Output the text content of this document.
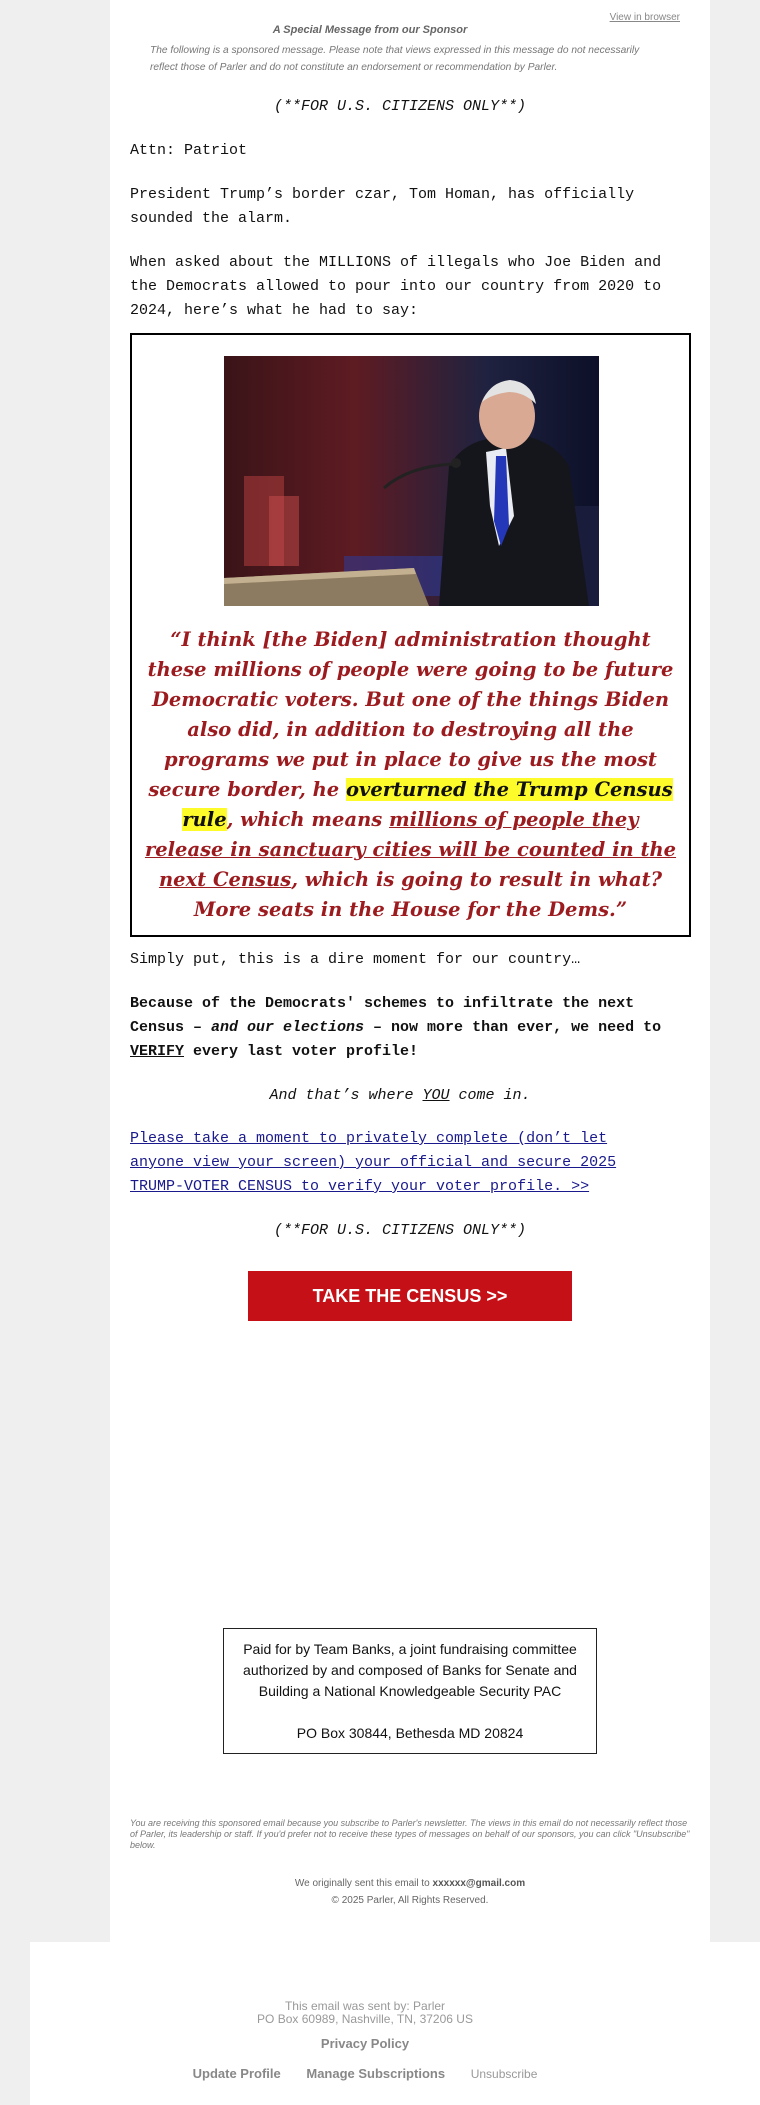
View in browser
A Special Message from our Sponsor
The following is a sponsored message. Please note that views expressed in this message do not necessarily reflect those of Parler and do not constitute an endorsement or recommendation by Parler.
(**FOR U.S. CITIZENS ONLY**)
Attn: Patriot
President Trump’s border czar, Tom Homan, has officially sounded the alarm.
When asked about the MILLIONS of illegals who Joe Biden and the Democrats allowed to pour into our country from 2020 to 2024, here’s what he had to say:
“I think [the Biden] administration thought these millions of people were going to be future Democratic voters. But one of the things Biden also did, in addition to destroying all the programs we put in place to give us the most secure border, he overturned the Trump Census rule, which means millions of people they release in sanctuary cities will be counted in the next Census, which is going to result in what? More seats in the House for the Dems.”
Simply put, this is a dire moment for our country…
Because of the Democrats' schemes to infiltrate the next Census – and our elections – now more than ever, we need to VERIFY every last voter profile!
And that’s where YOU come in.
Please take a moment to privately complete (don’t let anyone view your screen) your official and secure 2025 TRUMP-VOTER CENSUS to verify your voter profile. >>
(**FOR U.S. CITIZENS ONLY**)
TAKE THE CENSUS >>
Paid for by Team Banks, a joint fundraising committee authorized by and composed of Banks for Senate and Building a National Knowledgeable Security PAC
PO Box 30844, Bethesda MD 20824
You are receiving this sponsored email because you subscribe to Parler's newsletter. The views in this email do not necessarily reflect those of Parler, its leadership or staff. If you'd prefer not to receive these types of messages on behalf of our sponsors, you can click "Unsubscribe" below.
We originally sent this email to xxxxxx@gmail.com
© 2025 Parler, All Rights Reserved.
This email was sent by: Parler
PO Box 60989, Nashville, TN, 37206 US
Privacy Policy
Update Profile Manage Subscriptions Unsubscribe
